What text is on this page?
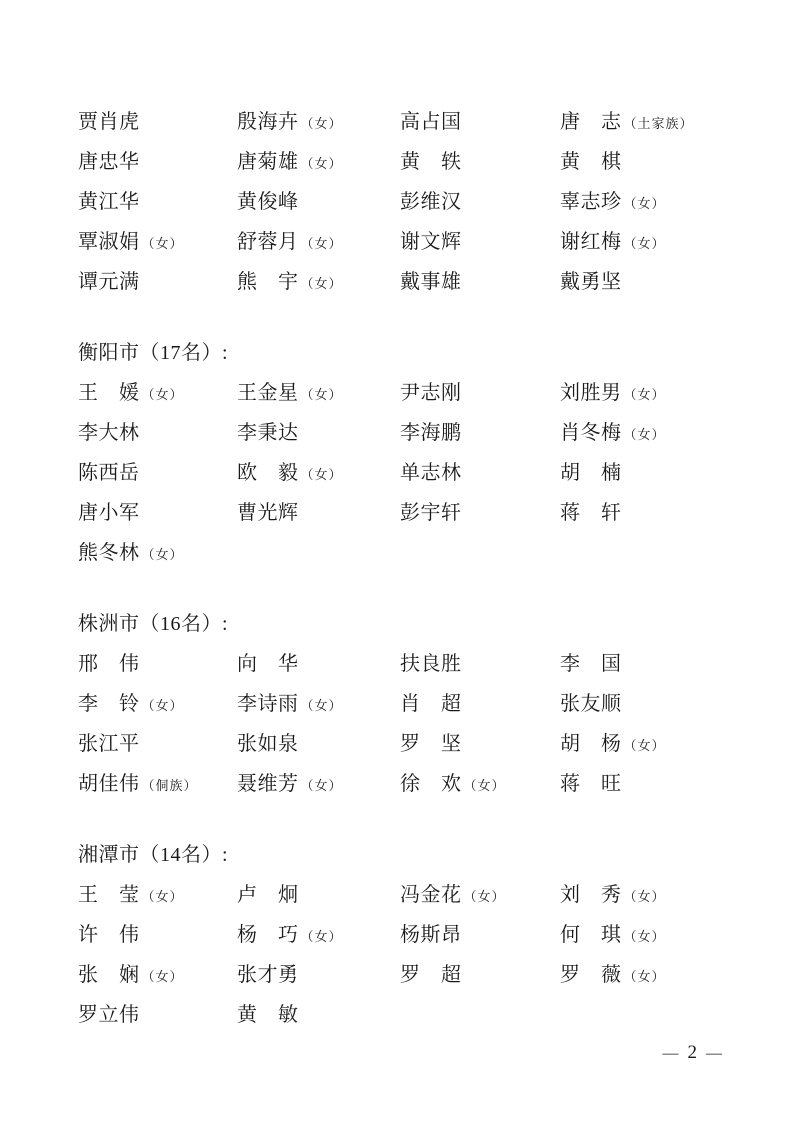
贾肖虎	殷海卉 （女）	高占国	唐　志 （土家族）
唐忠华	唐菊雄 （女）	黄　轶	黄　棋
黄江华	黄俊峰	彭维汉	辜志珍 （女）
覃淑娟 （女）	舒蓉月 （女）	谢文辉	谢红梅 （女）
谭元满	熊　宇 （女）	戴事雄	戴勇坚
衡阳市（17名）:
王　媛 （女）	王金星 （女）	尹志刚	刘胜男 （女）
李大林	李秉达	李海鹏	肖冬梅 （女）
陈西岳	欧　毅 （女）	单志林	胡　楠
唐小军	曹光辉	彭宇轩	蒋　轩
熊冬林 （女）
株洲市（16名）:
邢　伟	向　华	扶良胜	李　国
李　铃 （女）	李诗雨 （女）	肖　超	张友顺
张江平	张如泉	罗　坚	胡　杨 （女）
胡佳伟 （侗族）	聂维芳 （女）	徐　欢 （女）	蒋　旺
湘潭市（14名）:
王　莹 （女）	卢　炯	冯金花 （女）	刘　秀 （女）
许　伟	杨　巧 （女）	杨斯昂	何　琪 （女）
张　娴 （女）	张才勇	罗　超	罗　薇 （女）
罗立伟	黄　敏
— 2 —
